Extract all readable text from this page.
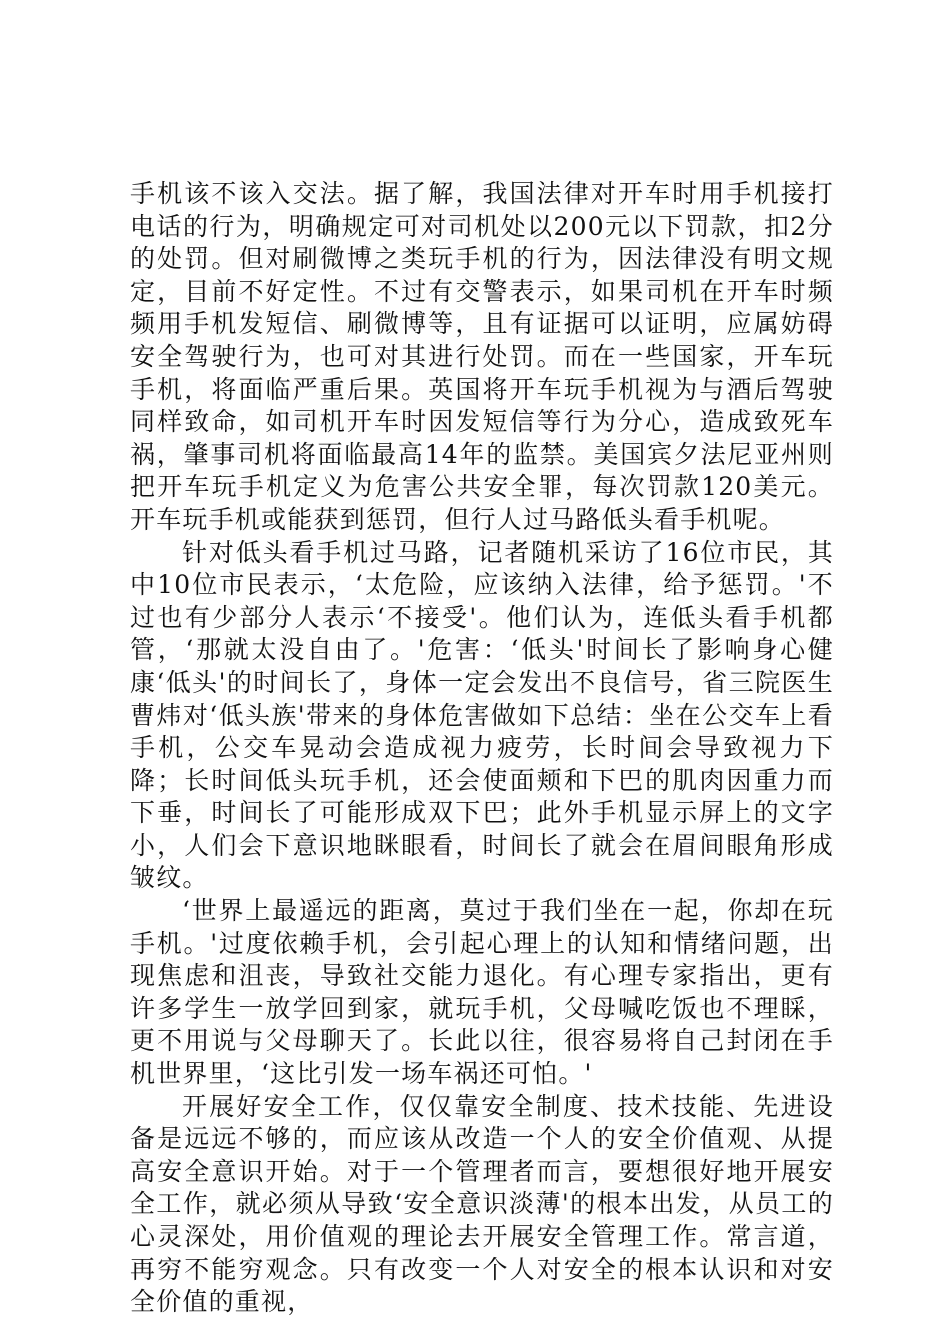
手机该不该入交法。据了解，我国法律对开车时用手机接打电话的行为，明确规定可对司机处以200元以下罚款，扣2分的处罚。但对刷微博之类玩手机的行为，因法律没有明文规定，目前不好定性。不过有交警表示，如果司机在开车时频频用手机发短信、刷微博等，且有证据可以证明，应属妨碍安全驾驶行为，也可对其进行处罚。而在一些国家，开车玩手机，将面临严重后果。英国将开车玩手机视为与酒后驾驶同样致命，如司机开车时因发短信等行为分心，造成致死车祸，肇事司机将面临最高14年的监禁。美国宾夕法尼亚州则把开车玩手机定义为危害公共安全罪，每次罚款120美元。开车玩手机或能获到惩罚，但行人过马路低头看手机呢。

针对低头看手机过马路，记者随机采访了16位市民，其中10位市民表示，‘太危险，应该纳入法律，给予惩罚。'不过也有少部分人表示‘不接受'。他们认为，连低头看手机都管，‘那就太没自由了。'危害：‘低头'时间长了影响身心健康‘低头'的时间长了，身体一定会发出不良信号，省三院医生曹炜对‘低头族'带来的身体危害做如下总结：坐在公交车上看手机，公交车晃动会造成视力疲劳，长时间会导致视力下降；长时间低头玩手机，还会使面颊和下巴的肌肉因重力而下垂，时间长了可能形成双下巴；此外手机显示屏上的文字小，人们会下意识地眯眼看，时间长了就会在眉间眼角形成皱纹。

‘世界上最遥远的距离，莫过于我们坐在一起，你却在玩手机。'过度依赖手机，会引起心理上的认知和情绪问题，出现焦虑和沮丧，导致社交能力退化。有心理专家指出，更有许多学生一放学回到家，就玩手机，父母喊吃饭也不理睬，更不用说与父母聊天了。长此以往，很容易将自己封闭在手机世界里，‘这比引发一场车祸还可怕。'

开展好安全工作，仅仅靠安全制度、技术技能、先进设备是远远不够的，而应该从改造一个人的安全价值观、从提高安全意识开始。对于一个管理者而言，要想很好地开展安全工作，就必须从导致‘安全意识淡薄'的根本出发，从员工的心灵深处，用价值观的理论去开展安全管理工作。常言道，再穷不能穷观念。只有改变一个人对安全的根本认识和对安全价值的重视，
